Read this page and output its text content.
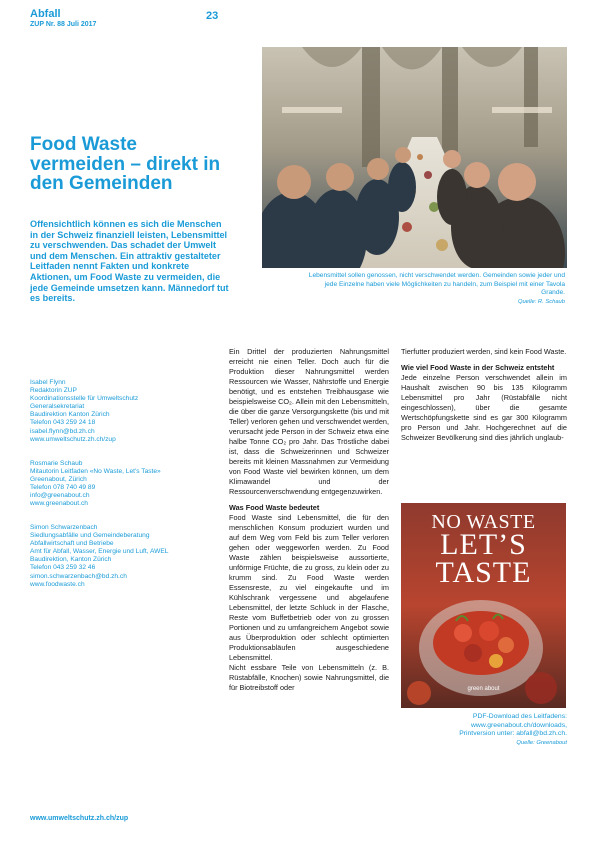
Abfall
ZUP Nr. 88 Juli 2017
23
Lebensmittel sollen genossen, nicht verschwendet werden. Gemeinden sowie jeder und jede Einzelne haben viele Möglichkeiten zu handeln, zum Beispiel mit einer Tavola Grande.
Quelle: R. Schaub
Food Waste vermeiden – direkt in den Gemeinden

Offensichtlich können es sich die Menschen in der Schweiz finanziell leisten, Lebensmittel zu verschwenden. Das schadet der Umwelt und dem Menschen. Ein attraktiv gestalteter Leitfaden nennt Fakten und konkrete Aktionen, um Food Waste zu vermeiden, die jede Gemeinde umsetzen kann. Männedorf tut es bereits.

Isabel Flynn
Redaktorin ZUP
Koordinationsstelle für Umweltschutz
Generalsekretariat
Baudirektion Kanton Zürich
Telefon 043 259 24 18
isabel.flynn@bd.zh.ch
www.umweltschutz.zh.ch/zup
Rosmarie Schaub
Mitautorin Leitfaden «No Waste, Let’s Taste»
Greenabout, Zürich
Telefon 078 740 49 89
info@greenabout.ch
www.greenabout.ch
Simon Schwarzenbach
Siedlungsabfälle und Gemeindeberatung
Abfallwirtschaft und Betriebe
Amt für Abfall, Wasser, Energie und Luft, AWEL
Baudirektion, Kanton Zürich
Telefon 043 259 32 46
simon.schwarzenbach@bd.zh.ch
www.foodwaste.ch

Ein Drittel der produzierten Nahrungsmittel erreicht nie einen Teller. Doch auch für die Produktion dieser Nahrungsmittel werden Ressourcen wie Wasser, Nährstoffe und Energie benötigt, und es entstehen Treibhausgase wie beispielsweise CO₂. Allein mit den Lebensmitteln, die über die ganze Versorgungskette (bis und mit Teller) verloren gehen und verschwendet werden, verursacht jede Person in der Schweiz etwa eine halbe Tonne CO₂ pro Jahr. Das Tröstliche dabei ist, dass die Schweizerinnen und Schweizer bereits mit kleinen Massnahmen zur Vermeidung von Food Waste viel bewirken können, um dem Klimawandel und der Ressourcenverschwendung entgegenzuwirken.

Was Food Waste bedeutet

Food Waste sind Lebensmittel, die für den menschlichen Konsum produziert wurden und auf dem Weg vom Feld bis zum Teller verloren gehen oder weggeworfen werden. Zu Food Waste zählen beispielsweise aussortierte, unförmige Früchte, die zu gross, zu klein oder zu krumm sind. Zu Food Waste werden Essensreste, zu viel eingekaufte und im Kühlschrank vergessene und abgelaufene Lebensmittel, der letzte Schluck in der Flasche, Reste vom Buffetbetrieb oder von zu grossen Portionen und zu umfangreichem Angebot sowie aus Überproduktion oder schlecht optimierten Produktionsabläufen ausgeschiedene Lebensmittel.

Nicht essbare Teile von Lebensmitteln (z. B. Rüstabfälle, Knochen) sowie Nahrungsmittel, die für Biotreibstoff oder

Tierfutter produziert werden, sind kein Food Waste.

Wie viel Food Waste in der Schweiz entsteht

Jede einzelne Person verschwendet allein im Haushalt zwischen 90 bis 135 Kilogramm Lebensmittel pro Jahr (Rüstabfälle nicht eingeschlossen), über die gesamte Wertschöpfungskette sind es gar 300 Kilogramm pro Person und Jahr. Hochgerechnet auf die Schweizer Bevölkerung sind dies jährlich unglaub-

NO WASTE
LET’S TASTE
green about
PDF-Download des Leitfadens:
www.greenabout.ch/downloads,
Printversion unter: abfall@bd.zh.ch.
Quelle: Greenabout
www.umweltschutz.zh.ch/zup
